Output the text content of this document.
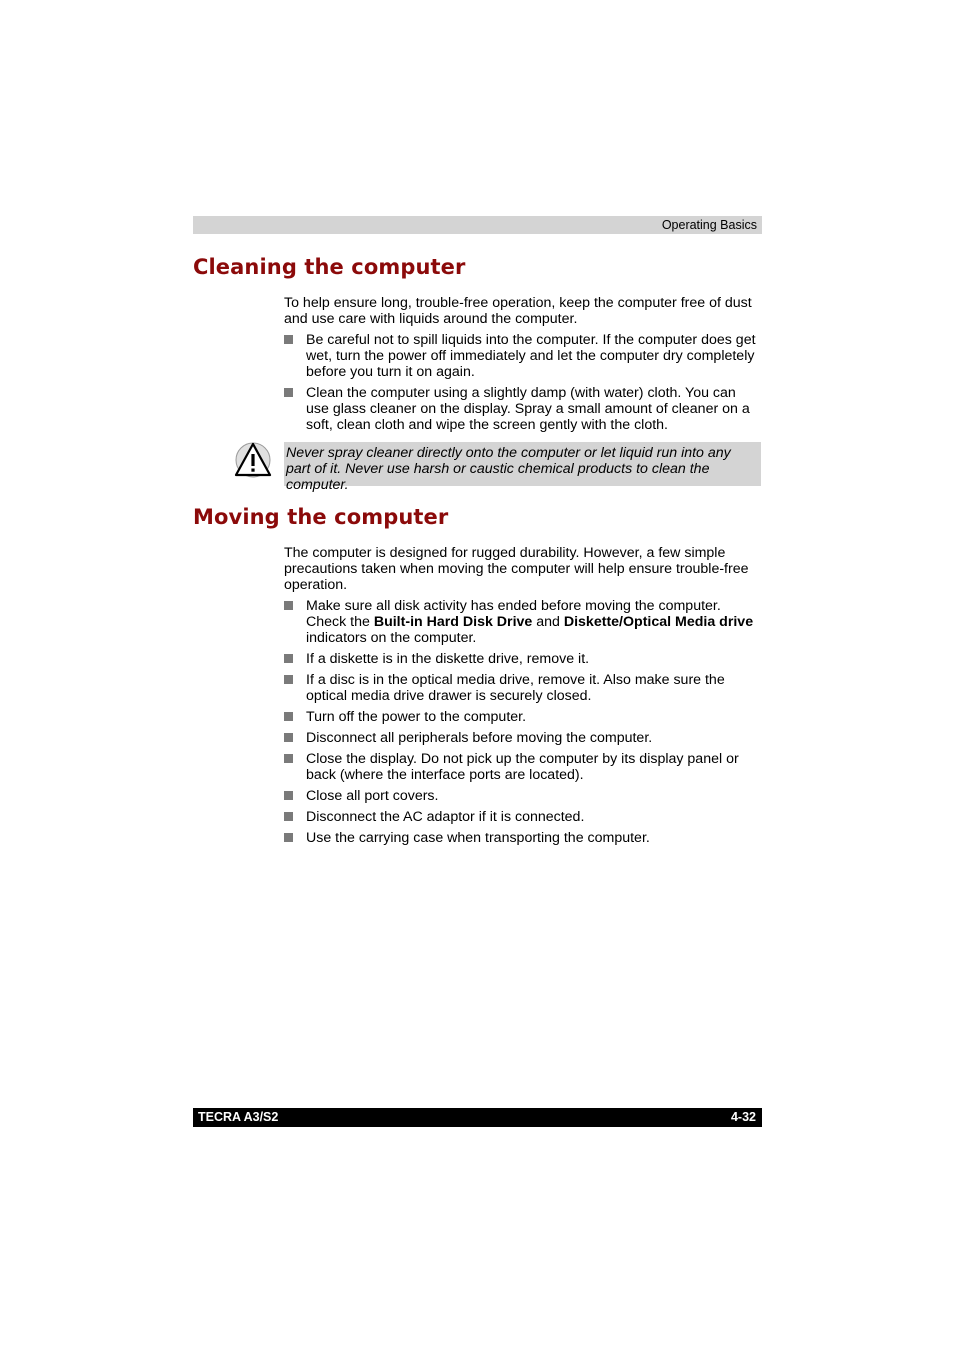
Operating Basics
Cleaning the computer

To help ensure long, trouble-free operation, keep the computer free of dust and use care with liquids around the computer.

Be careful not to spill liquids into the computer. If the computer does get wet, turn the power off immediately and let the computer dry completely before you turn it on again.
Clean the computer using a slightly damp (with water) cloth. You can use glass cleaner on the display. Spray a small amount of cleaner on a soft, clean cloth and wipe the screen gently with the cloth.

Never spray cleaner directly onto the computer or let liquid run into any part of it. Never use harsh or caustic chemical products to clean the computer.

Moving the computer

The computer is designed for rugged durability. However, a few simple precautions taken when moving the computer will help ensure trouble-free operation.

Make sure all disk activity has ended before moving the computer. Check the Built-in Hard Disk Drive and Diskette/Optical Media drive indicators on the computer.
If a diskette is in the diskette drive, remove it.
If a disc is in the optical media drive, remove it. Also make sure the optical media drive drawer is securely closed.
Turn off the power to the computer.
Disconnect all peripherals before moving the computer.
Close the display. Do not pick up the computer by its display panel or back (where the interface ports are located).
Close all port covers.
Disconnect the AC adaptor if it is connected.
Use the carrying case when transporting the computer.
TECRA A3/S2	4-32
